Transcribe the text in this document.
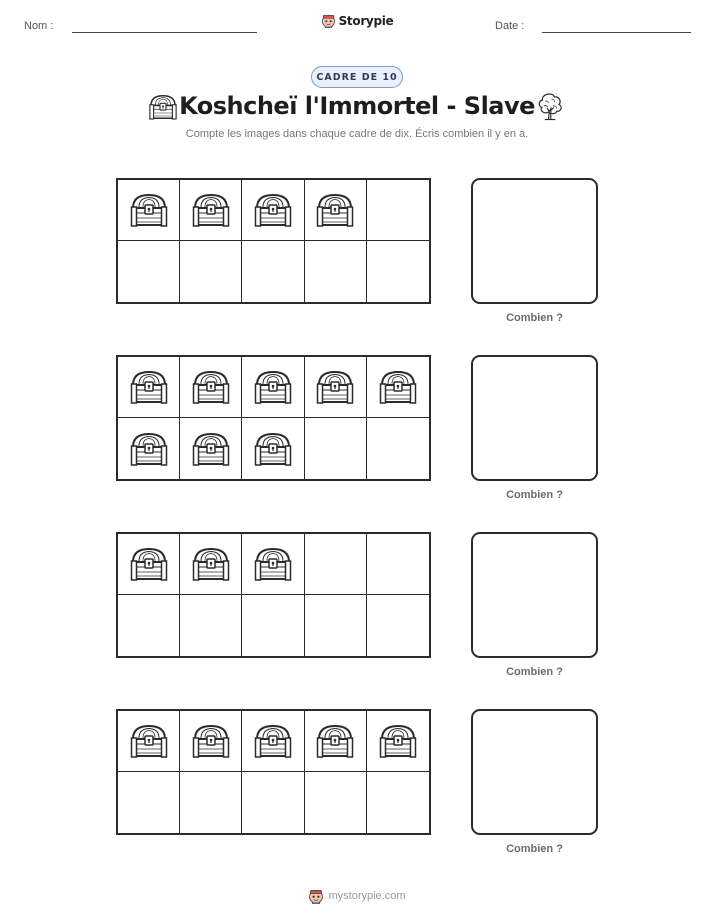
Nom :	Storypie	Date :
CADRE DE 10
Koshcheï l'Immortel - Slave
Compte les images dans chaque cadre de dix. Écris combien il y en a.
Combien ?
Combien ?
Combien ?
Combien ?
mystorypie.com
